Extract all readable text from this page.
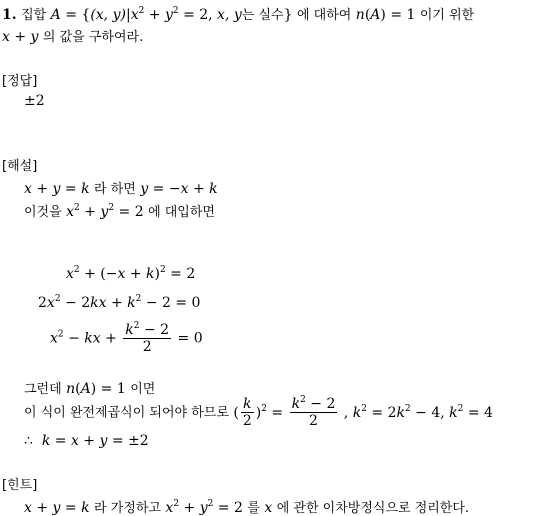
1. 집합 A = {(x, $y)|x^2 + y^2 = 2$, x, y는 실수} 에 대하여 n(A) = 1 이기 위한
x + y 의 값을 구하여라.
[정답]
±2
[해설]
x + y = k 라 하면 y = −x + k
이것을 $x^2 + y^2 = 2$ 에 대입하면
$x^2 + (-x + k)^2 = 2$
$2x^2 - 2kx + k^2 - 2 = 0$
$x^2$ − kx + $\frac{k^2 - 2}{2} = 0$
그런데 n(A) = 1 이면
이 식이 완전제곱식이 되어야 하므로 ( $\frac{k}{2} )^2 = \frac{k^2 - 2}{2}$ , $k^2 = 2k^2 - 4$, $k^2 = 4$
∴  k = x + y = ±2
[힌트]
x + y = k 라 가정하고 $x^2 + y^2 = 2$ 를 x 에 관한 이차방정식으로 정리한다.
